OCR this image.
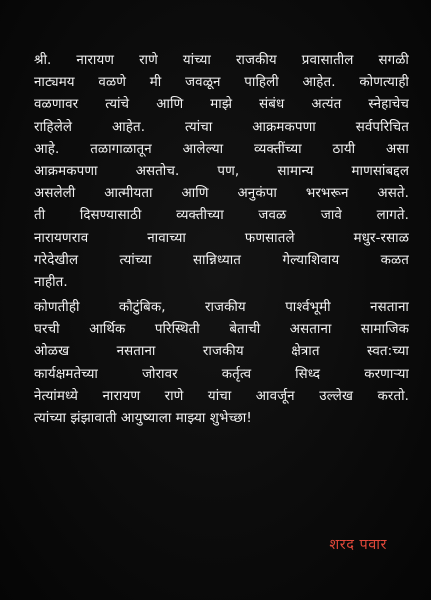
श्री. नारायण राणे यांच्या राजकीय प्रवासातील सगळी
नाट्यमय वळणे मी जवळून पाहिली आहेत. कोणत्याही
वळणावर त्यांचे आणि माझे संबंध अत्यंत स्नेहाचेच
राहिलेले आहेत. त्यांचा आक्रमकपणा सर्वपरिचित
आहे. तळागाळातून आलेल्या व्यक्तींच्या ठायी असा
आक्रमकपणा असतोच. पण, सामान्य माणसांबद्दल
असलेली आत्मीयता आणि अनुकंपा भरभरून असते.
ती दिसण्यासाठी व्यक्तीच्या जवळ जावे लागते.
नारायणराव नावाच्या फणसातले मधुर-रसाळ
गरेदेखील त्यांच्या सान्निध्यात गेल्याशिवाय कळत
नाहीत.
कोणतीही कौटुंबिक, राजकीय पार्श्वभूमी नसताना
घरची आर्थिक परिस्थिती बेताची असताना सामाजिक
ओळख नसताना राजकीय क्षेत्रात स्वत:च्या
कार्यक्षमतेच्या जोरावर कर्तृत्व सिध्द करणाऱ्या
नेत्यांमध्ये नारायण राणे यांचा आवर्जून उल्लेख करतो.
त्यांच्या झंझावाती आयुष्याला माझ्या शुभेच्छा!
शरद पवार
